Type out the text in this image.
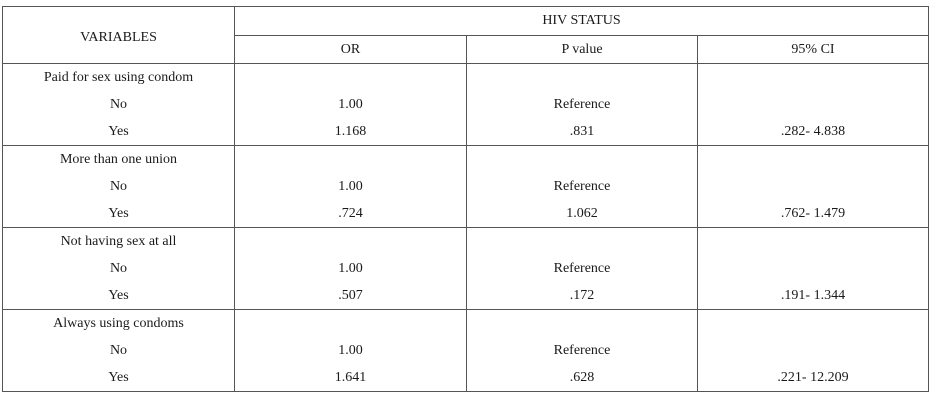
VARIABLES	HIV STATUS		
	OR	P value	95% CI
Paid for sex using condom			
No	1.00	Reference	
Yes	1.168	.831	.282- 4.838
More than one union			
No	1.00	Reference	
Yes	.724	1.062	.762- 1.479
Not having sex at all			
No	1.00	Reference	
Yes	.507	.172	.191- 1.344
Always using condoms			
No	1.00	Reference	
Yes	1.641	.628	.221- 12.209
